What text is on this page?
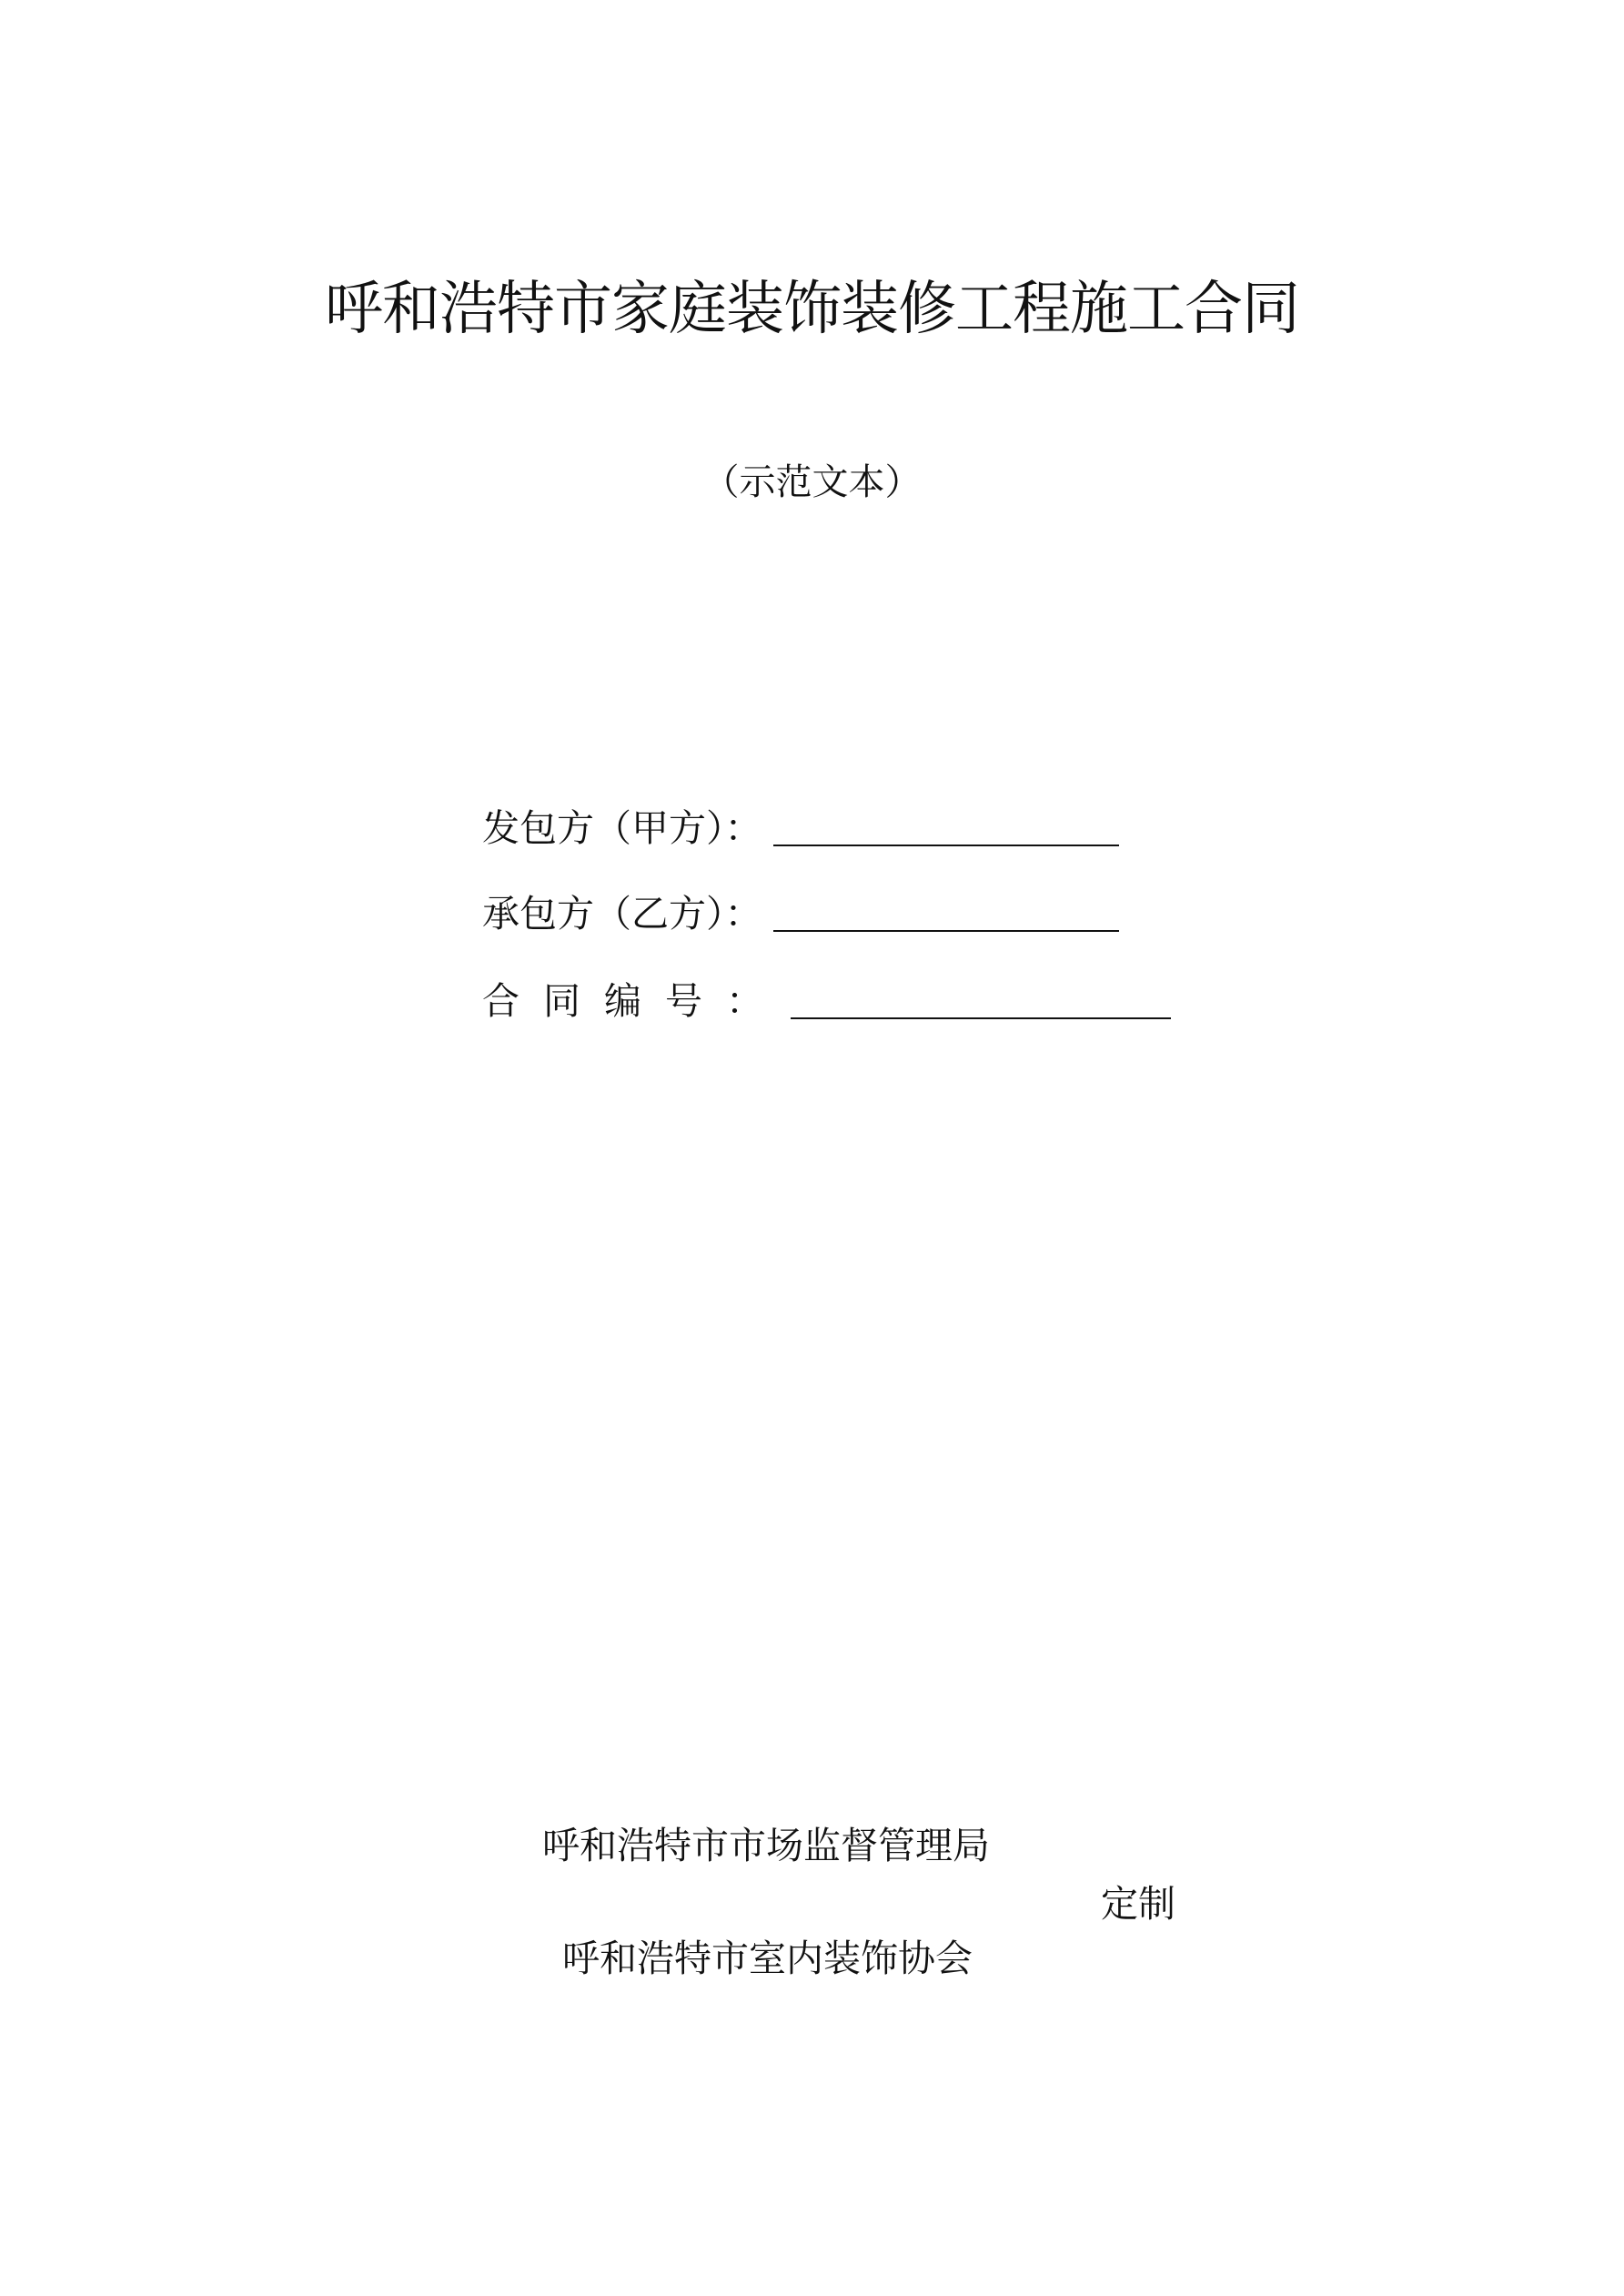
呼和浩特市家庭装饰装修工程施工合同
（示范文本）
发包方（甲方）：
承包方（乙方）：
合同编号：
呼和浩特市市场监督管理局
定制
呼和浩特市室内装饰协会
